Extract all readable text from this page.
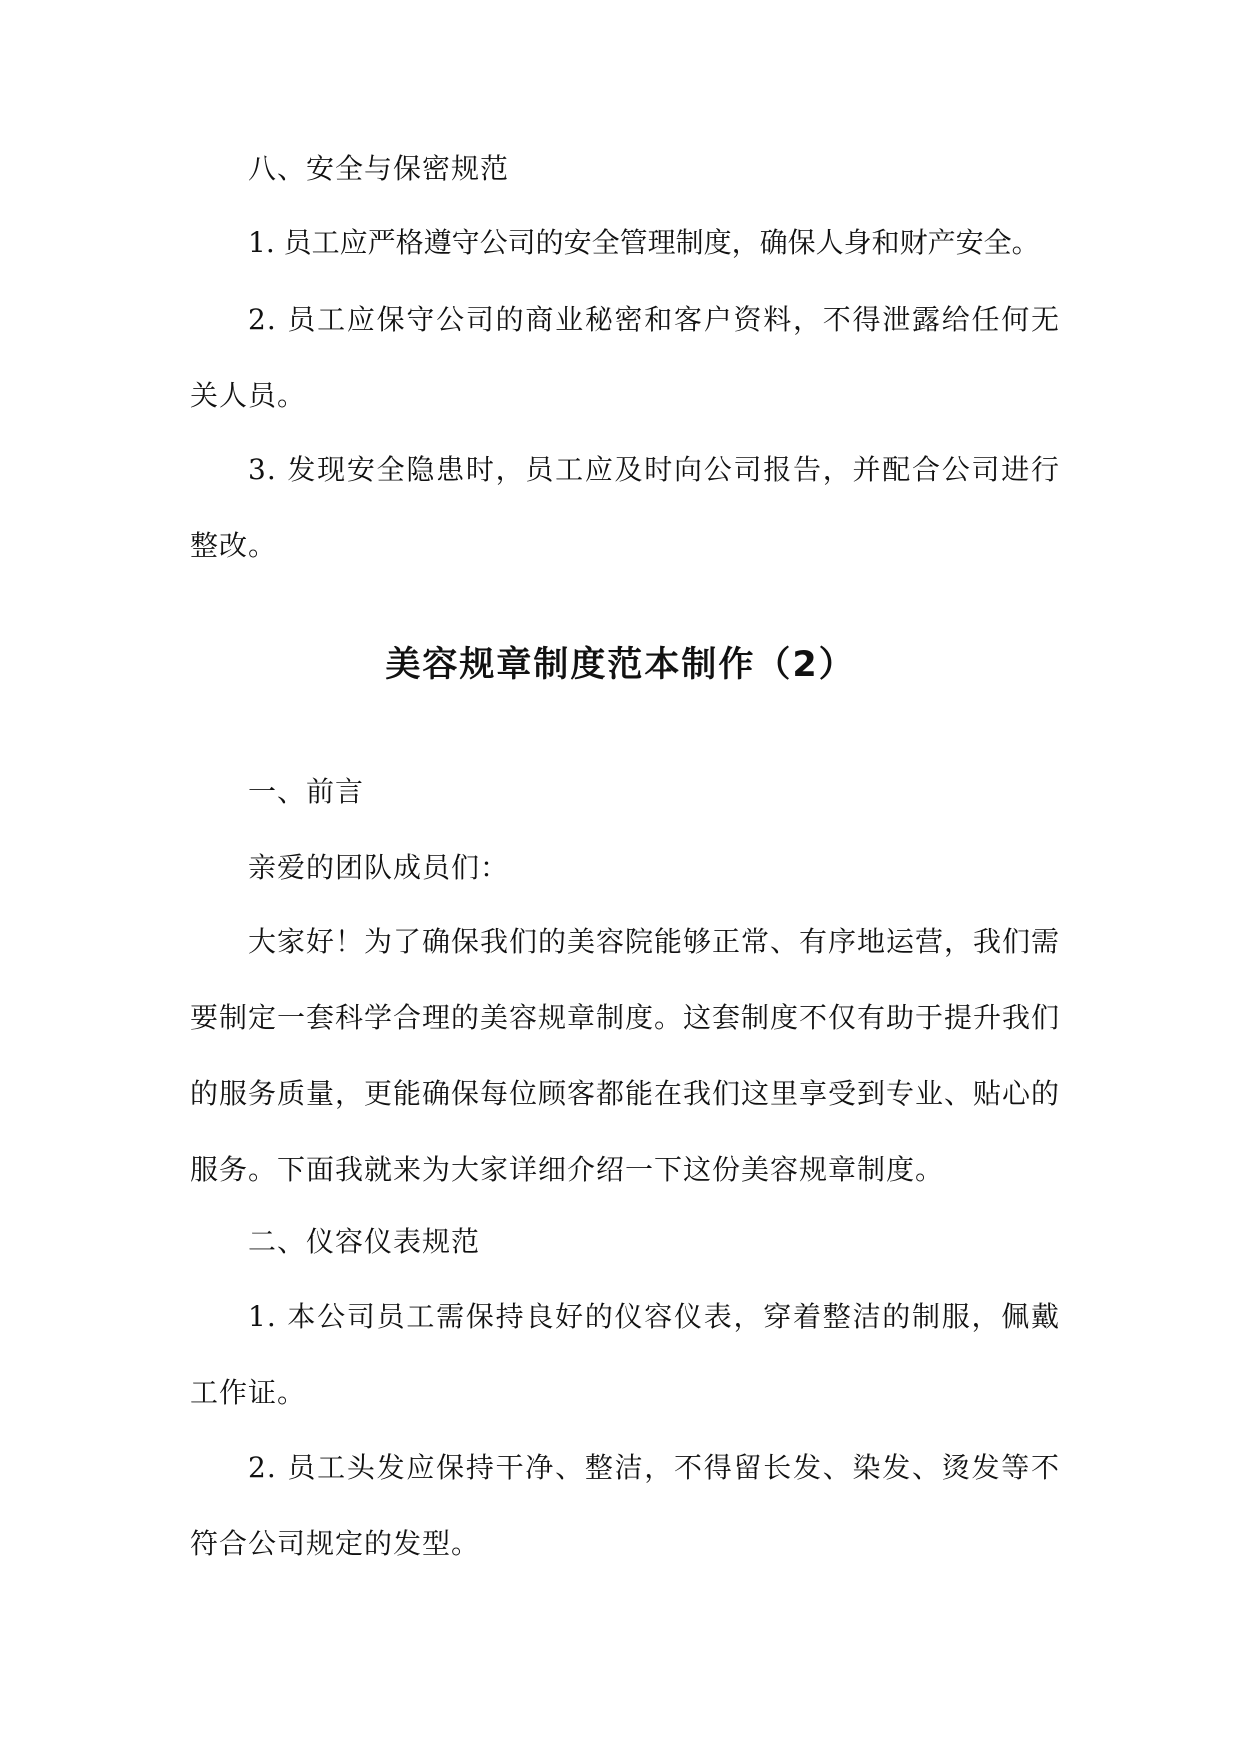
八、安全与保密规范

1. 员工应严格遵守公司的安全管理制度，确保人身和财产安全。

2. 员工应保守公司的商业秘密和客户资料，不得泄露给任何无关人员。

3. 发现安全隐患时，员工应及时向公司报告，并配合公司进行整改。

美容规章制度范本制作（2）

一、前言

亲爱的团队成员们：

大家好！为了确保我们的美容院能够正常、有序地运营，我们需要制定一套科学合理的美容规章制度。这套制度不仅有助于提升我们的服务质量，更能确保每位顾客都能在我们这里享受到专业、贴心的服务。下面我就来为大家详细介绍一下这份美容规章制度。

二、仪容仪表规范

1. 本公司员工需保持良好的仪容仪表，穿着整洁的制服，佩戴工作证。

2. 员工头发应保持干净、整洁，不得留长发、染发、烫发等不符合公司规定的发型。
